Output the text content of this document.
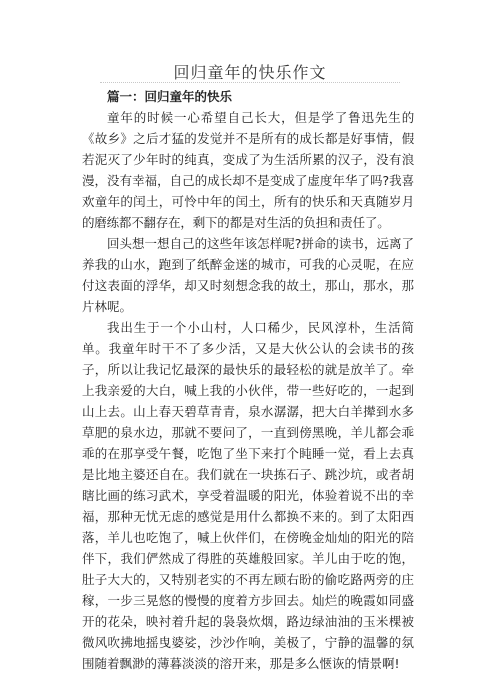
回归童年的快乐作文

篇一：回归童年的快乐

童年的时候一心希望自己长大，但是学了鲁迅先生的《故乡》之后才猛的发觉并不是所有的成长都是好事情，假若泥灭了少年时的纯真，变成了为生活所累的汉子，没有浪漫，没有幸福，自己的成长却不是变成了虚度年华了吗?我喜欢童年的闰土，可怜中年的闰土，所有的快乐和天真随岁月的磨练都不翻存在，剩下的都是对生活的负担和责任了。

回头想一想自己的这些年该怎样呢?拼命的读书，远离了养我的山水，跑到了纸醉金迷的城市，可我的心灵呢，在应付这表面的浮华，却又时刻想念我的故土，那山，那水，那片林呢。

我出生于一个小山村，人口稀少，民风淳朴，生活简单。我童年时干不了多少活，又是大伙公认的会读书的孩子，所以让我记忆最深的最快乐的最轻松的就是放羊了。牵上我亲爱的大白，喊上我的小伙伴，带一些好吃的，一起到山上去。山上春天碧草青青，泉水潺潺，把大白羊撵到水多草肥的泉水边，那就不要问了，一直到傍黑晚，羊儿都会乖乖的在那享受午餐，吃饱了坐下来打个盹睡一觉，看上去真是比地主婆还自在。我们就在一块拣石子、跳沙坑，或者胡瞎比画的练习武术，享受着温暖的阳光，体验着说不出的幸福，那种无忧无虑的感觉是用什么都换不来的。到了太阳西落，羊儿也吃饱了，喊上伙伴们，在傍晚金灿灿的阳光的陪伴下，我们俨然成了得胜的英雄般回家。羊儿由于吃的饱，肚子大大的，又特别老实的不再左顾右盼的偷吃路两旁的庄稼，一步三晃悠的慢慢的度着方步回去。灿烂的晚霞如同盛开的花朵，映衬着升起的袅袅炊烟，路边绿油油的玉米棵被微风吹拂地摇曳婆娑，沙沙作响，美极了，宁静的温馨的氛围随着飘渺的薄暮淡淡的溶开来，那是多么惬诙的情景啊!
